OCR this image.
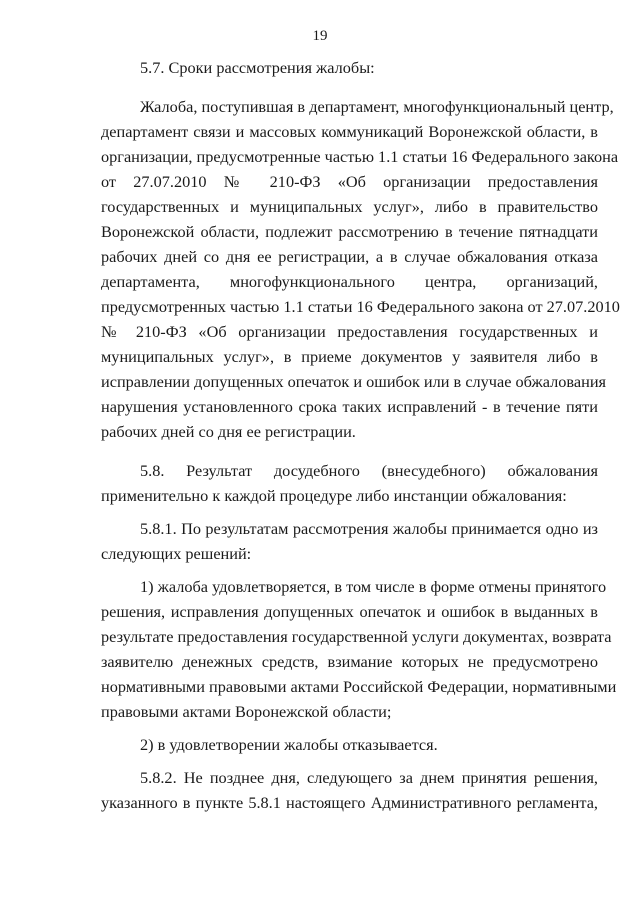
19

5.7. Сроки рассмотрения жалобы:

Жалоба, поступившая в департамент, многофункциональный центр,

департамент связи и массовых коммуникаций Воронежской области, в

организации, предусмотренные частью 1.1 статьи 16 Федерального закона

от 27.07.2010 № 210-ФЗ «Об организации предоставления

государственных и муниципальных услуг», либо в правительство

Воронежской области, подлежит рассмотрению в течение пятнадцати

рабочих дней со дня ее регистрации, а в случае обжалования отказа

департамента, многофункционального центра, организаций,

предусмотренных частью 1.1 статьи 16 Федерального закона от 27.07.2010

№ 210-ФЗ «Об организации предоставления государственных и

муниципальных услуг», в приеме документов у заявителя либо в

исправлении допущенных опечаток и ошибок или в случае обжалования

нарушения установленного срока таких исправлений - в течение пяти

рабочих дней со дня ее регистрации.

5.8. Результат досудебного (внесудебного) обжалования

применительно к каждой процедуре либо инстанции обжалования:

5.8.1. По результатам рассмотрения жалобы принимается одно из

следующих решений:

1) жалоба удовлетворяется, в том числе в форме отмены принятого

решения, исправления допущенных опечаток и ошибок в выданных в

результате предоставления государственной услуги документах, возврата

заявителю денежных средств, взимание которых не предусмотрено

нормативными правовыми актами Российской Федерации, нормативными

правовыми актами Воронежской области;

2) в удовлетворении жалобы отказывается.

5.8.2. Не позднее дня, следующего за днем принятия решения,

указанного в пункте 5.8.1 настоящего Административного регламента,
